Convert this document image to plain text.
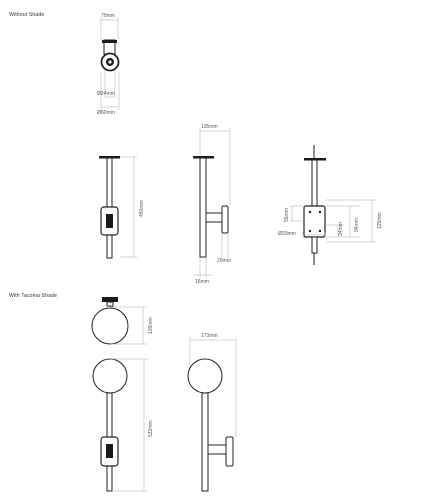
Without Shade
With Tacoma Shade
70mm
Ø24mm
Ø60mm
450mm
135mm
16mm
20mm
55mm
94mm
34mm
125mm
Ø20mm
135mm
532mm
173mm
